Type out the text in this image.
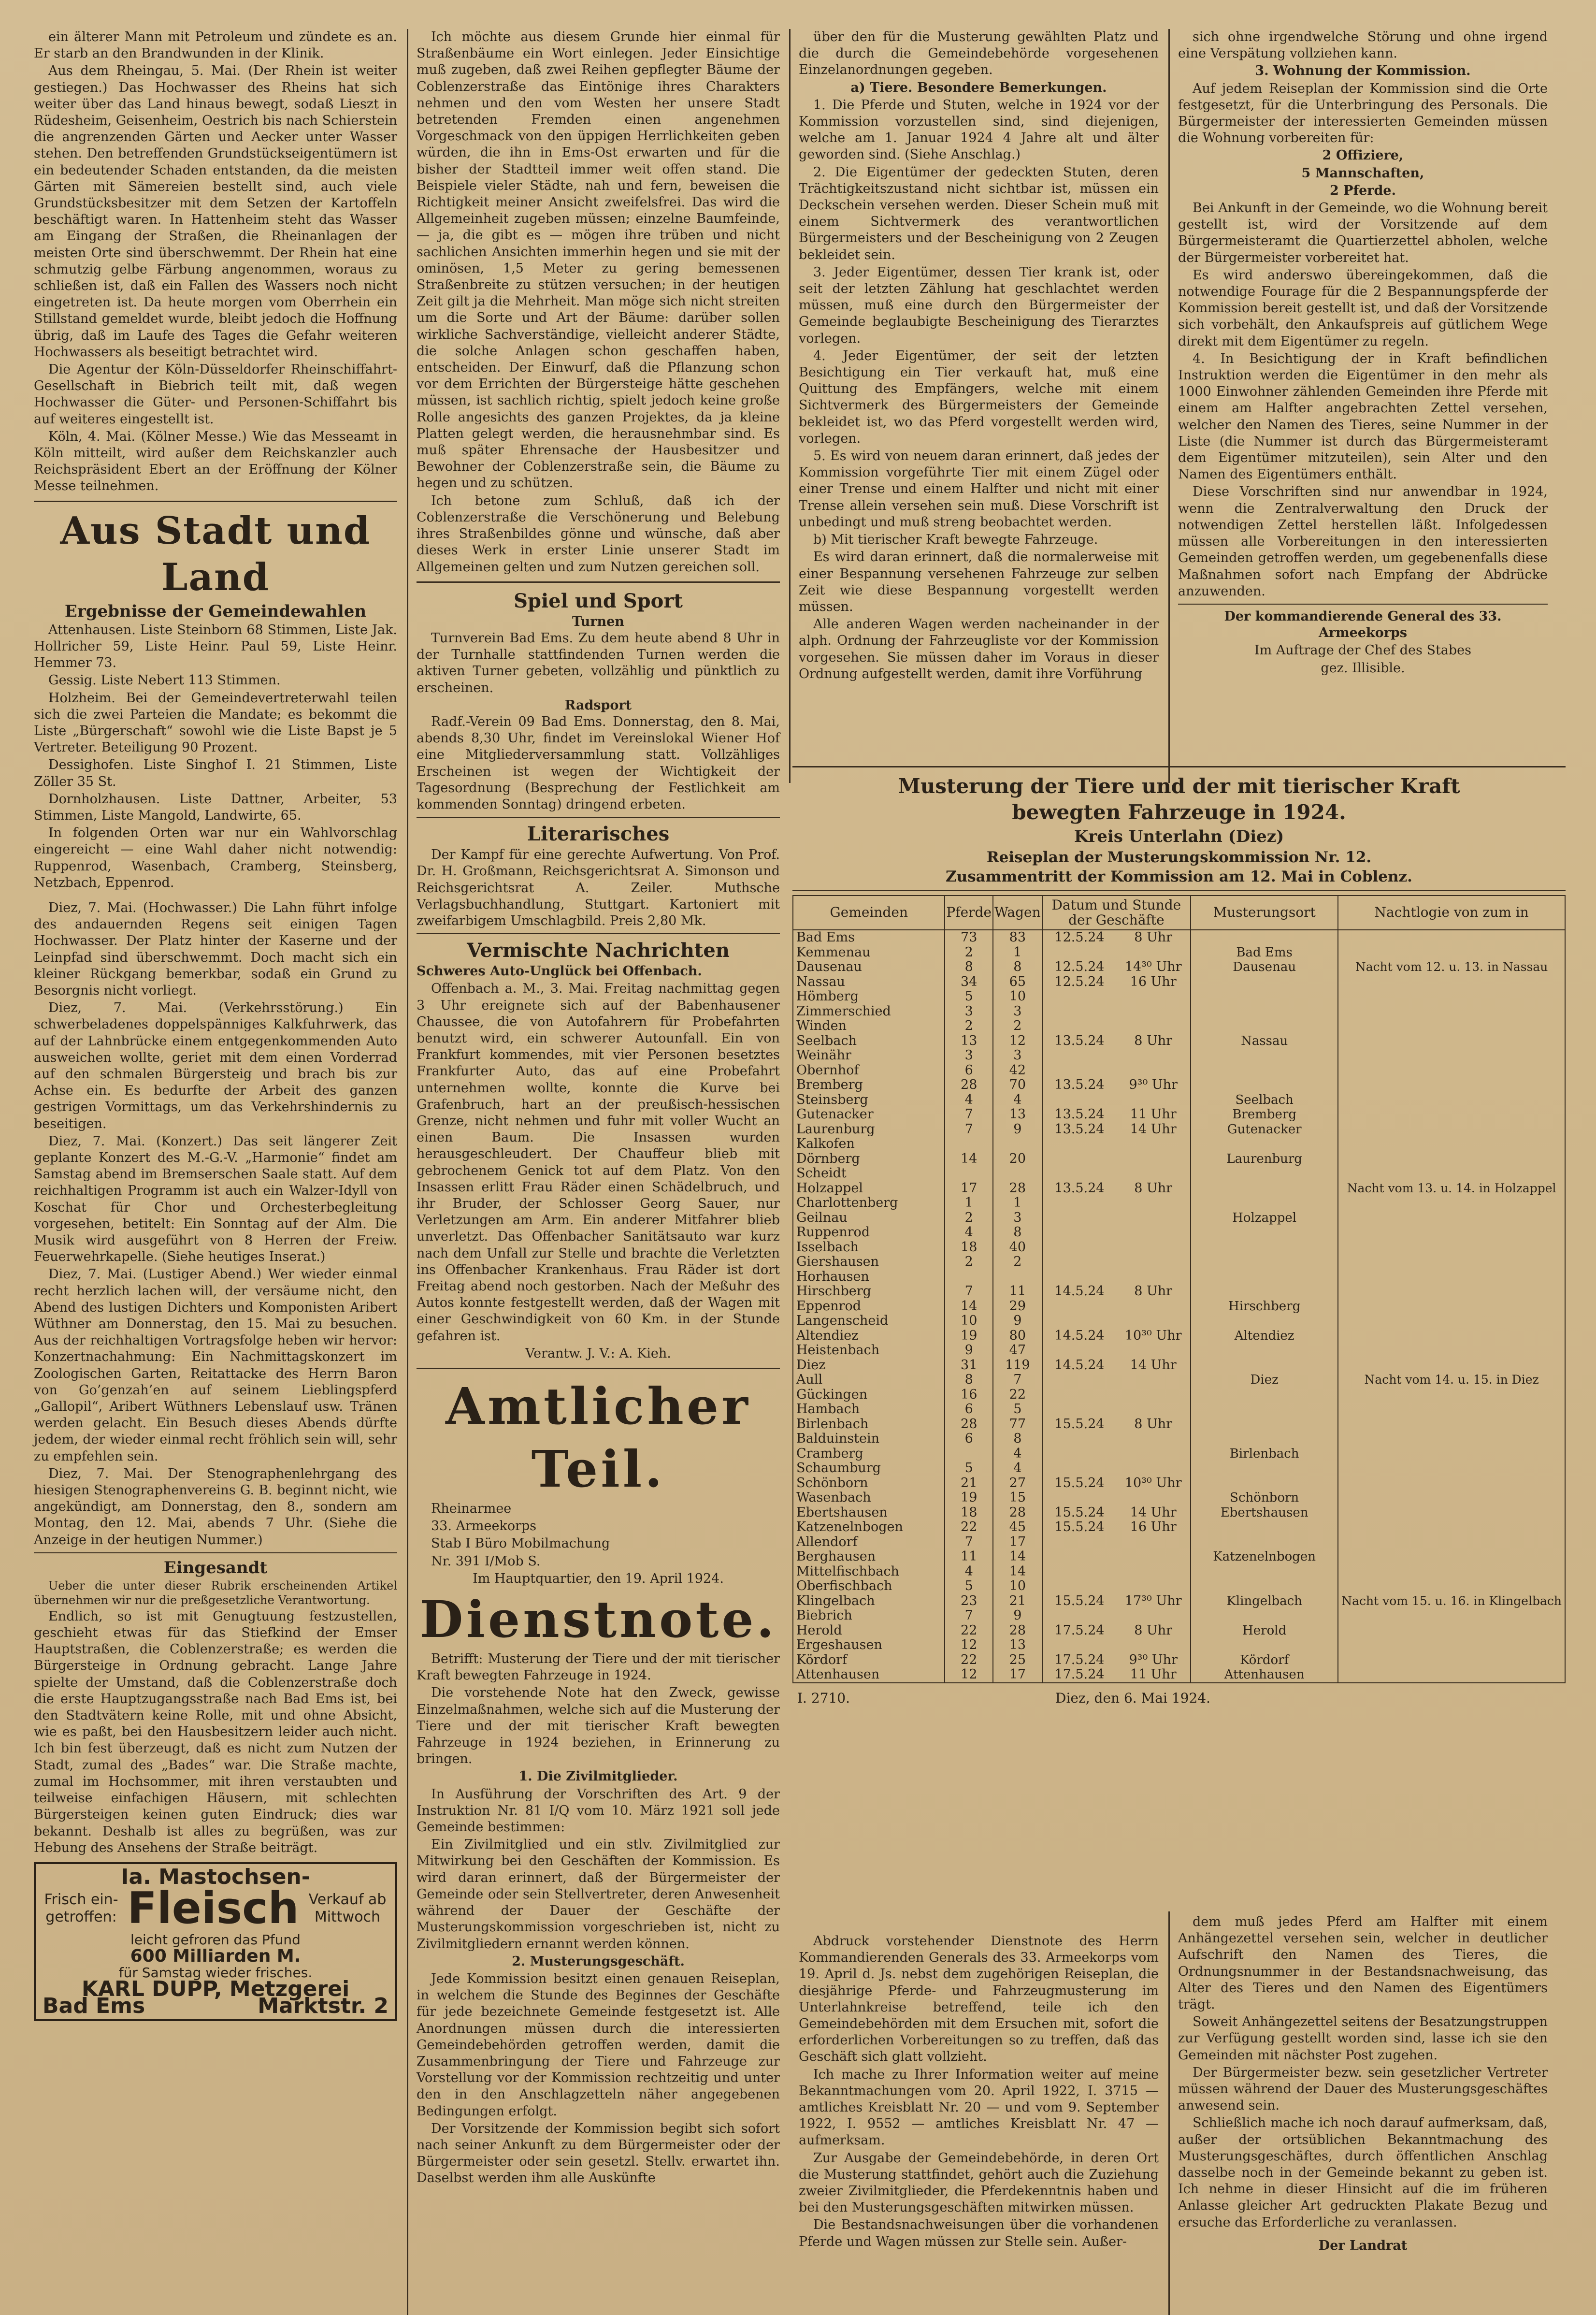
ein älterer Mann mit Petroleum und zündete es an. Er starb an den Brandwunden in der Klinik.

Aus dem Rheingau, 5. Mai. (Der Rhein ist weiter gestiegen.) Das Hochwasser des Rheins hat sich weiter über das Land hinaus bewegt, sodaß Lieszt in Rüdesheim, Geisenheim, Oestrich bis nach Schierstein die angrenzenden Gärten und Aecker unter Wasser stehen. Den betreffenden Grundstückseigentümern ist ein bedeutender Schaden entstanden, da die meisten Gärten mit Sämereien bestellt sind, auch viele Grundstücksbesitzer mit dem Setzen der Kartoffeln beschäftigt waren. In Hattenheim steht das Wasser am Eingang der Straßen, die Rheinanlagen der meisten Orte sind überschwemmt. Der Rhein hat eine schmutzig gelbe Färbung angenommen, woraus zu schließen ist, daß ein Fallen des Wassers noch nicht eingetreten ist. Da heute morgen vom Oberrhein ein Stillstand gemeldet wurde, bleibt jedoch die Hoffnung übrig, daß im Laufe des Tages die Gefahr weiteren Hochwassers als beseitigt betrachtet wird.

Die Agentur der Köln-Düsseldorfer Rheinschiffahrt-Gesellschaft in Biebrich teilt mit, daß wegen Hochwasser die Güter- und Personen-Schiffahrt bis auf weiteres eingestellt ist.

Köln, 4. Mai. (Kölner Messe.) Wie das Messeamt in Köln mitteilt, wird außer dem Reichskanzler auch Reichspräsident Ebert an der Eröffnung der Kölner Messe teilnehmen.

Aus Stadt und Land
Ergebnisse der Gemeindewahlen

Attenhausen. Liste Steinborn 68 Stimmen, Liste Jak. Hollricher 59, Liste Heinr. Paul 59, Liste Heinr. Hemmer 73.

Gessig. Liste Nebert 113 Stimmen.

Holzheim. Bei der Gemeindevertreterwahl teilen sich die zwei Parteien die Mandate; es bekommt die Liste „Bürgerschaft“ sowohl wie die Liste Bapst je 5 Vertreter. Beteiligung 90 Prozent.

Dessighofen. Liste Singhof I. 21 Stimmen, Liste Zöller 35 St.

Dornholzhausen. Liste Dattner, Arbeiter, 53 Stimmen, Liste Mangold, Landwirte, 65.

In folgenden Orten war nur ein Wahlvorschlag eingereicht — eine Wahl daher nicht notwendig: Ruppenrod, Wasenbach, Cramberg, Steinsberg, Netzbach, Eppenrod.

Diez, 7. Mai. (Hochwasser.) Die Lahn führt infolge des andauernden Regens seit einigen Tagen Hochwasser. Der Platz hinter der Kaserne und der Leinpfad sind überschwemmt. Doch macht sich ein kleiner Rückgang bemerkbar, sodaß ein Grund zu Besorgnis nicht vorliegt.

Diez, 7. Mai. (Verkehrsstörung.) Ein schwerbeladenes doppelspänniges Kalkfuhrwerk, das auf der Lahnbrücke einem entgegenkommenden Auto ausweichen wollte, geriet mit dem einen Vorderrad auf den schmalen Bürgersteig und brach bis zur Achse ein. Es bedurfte der Arbeit des ganzen gestrigen Vormittags, um das Verkehrshindernis zu beseitigen.

Diez, 7. Mai. (Konzert.) Das seit längerer Zeit geplante Konzert des M.-G.-V. „Harmonie“ findet am Samstag abend im Bremserschen Saale statt. Auf dem reichhaltigen Programm ist auch ein Walzer-Idyll von Koschat für Chor und Orchesterbegleitung vorgesehen, betitelt: Ein Sonntag auf der Alm. Die Musik wird ausgeführt von 8 Herren der Freiw. Feuerwehrkapelle. (Siehe heutiges Inserat.)

Diez, 7. Mai. (Lustiger Abend.) Wer wieder einmal recht herzlich lachen will, der versäume nicht, den Abend des lustigen Dichters und Komponisten Aribert Wüthner am Donnerstag, den 15. Mai zu besuchen. Aus der reichhaltigen Vortragsfolge heben wir hervor: Konzertnachahmung: Ein Nachmittagskonzert im Zoologischen Garten, Reitattacke des Herrn Baron von Go’genzah’en auf seinem Lieblingspferd „Gallopil“, Aribert Wüthners Lebenslauf usw. Tränen werden gelacht. Ein Besuch dieses Abends dürfte jedem, der wieder einmal recht fröhlich sein will, sehr zu empfehlen sein.

Diez, 7. Mai. Der Stenographenlehrgang des hiesigen Stenographenvereins G. B. beginnt nicht, wie angekündigt, am Donnerstag, den 8., sondern am Montag, den 12. Mai, abends 7 Uhr. (Siehe die Anzeige in der heutigen Nummer.)

Eingesandt

Ueber die unter dieser Rubrik erscheinenden Artikel übernehmen wir nur die preßgesetzliche Verantwortung.

Endlich, so ist mit Genugtuung festzustellen, geschieht etwas für das Stiefkind der Emser Hauptstraßen, die Coblenzerstraße; es werden die Bürgersteige in Ordnung gebracht. Lange Jahre spielte der Umstand, daß die Coblenzerstraße doch die erste Hauptzugangsstraße nach Bad Ems ist, bei den Stadtvätern keine Rolle, mit und ohne Absicht, wie es paßt, bei den Hausbesitzern leider auch nicht. Ich bin fest überzeugt, daß es nicht zum Nutzen der Stadt, zumal des „Bades“ war. Die Straße machte, zumal im Hochsommer, mit ihren verstaubten und teilweise einfachigen Häusern, mit schlechten Bürgersteigen keinen guten Eindruck; dies war bekannt. Deshalb ist alles zu begrüßen, was zur Hebung des Ansehens der Straße beiträgt.

Ia. Mastochsen-
Frisch ein-getroffen: Fleisch Verkauf ab Mittwoch
leicht gefroren das Pfund
600 Milliarden M.
für Samstag wieder frisches.
KARL DUPP, Metzgerei
Bad Ems	Marktstr. 2

Ich möchte aus diesem Grunde hier einmal für Straßenbäume ein Wort einlegen. Jeder Einsichtige muß zugeben, daß zwei Reihen gepflegter Bäume der Coblenzerstraße das Eintönige ihres Charakters nehmen und den vom Westen her unsere Stadt betretenden Fremden einen angenehmen Vorgeschmack von den üppigen Herrlichkeiten geben würden, die ihn in Ems-Ost erwarten und für die bisher der Stadtteil immer weit offen stand. Die Beispiele vieler Städte, nah und fern, beweisen die Richtigkeit meiner Ansicht zweifelsfrei. Das wird die Allgemeinheit zugeben müssen; einzelne Baumfeinde, — ja, die gibt es — mögen ihre trüben und nicht sachlichen Ansichten immerhin hegen und sie mit der ominösen, 1,5 Meter zu gering bemessenen Straßenbreite zu stützen versuchen; in der heutigen Zeit gilt ja die Mehrheit. Man möge sich nicht streiten um die Sorte und Art der Bäume: darüber sollen wirkliche Sachverständige, vielleicht anderer Städte, die solche Anlagen schon geschaffen haben, entscheiden. Der Einwurf, daß die Pflanzung schon vor dem Errichten der Bürgersteige hätte geschehen müssen, ist sachlich richtig, spielt jedoch keine große Rolle angesichts des ganzen Projektes, da ja kleine Platten gelegt werden, die herausnehmbar sind. Es muß später Ehrensache der Hausbesitzer und Bewohner der Coblenzerstraße sein, die Bäume zu hegen und zu schützen.

Ich betone zum Schluß, daß ich der Coblenzerstraße die Verschönerung und Belebung ihres Straßenbildes gönne und wünsche, daß aber dieses Werk in erster Linie unserer Stadt im Allgemeinen gelten und zum Nutzen gereichen soll.

Spiel und Sport
Turnen

Turnverein Bad Ems. Zu dem heute abend 8 Uhr in der Turnhalle stattfindenden Turnen werden die aktiven Turner gebeten, vollzählig und pünktlich zu erscheinen.

Radsport

Radf.-Verein 09 Bad Ems. Donnerstag, den 8. Mai, abends 8,30 Uhr, findet im Vereinslokal Wiener Hof eine Mitgliederversammlung statt. Vollzähliges Erscheinen ist wegen der Wichtigkeit der Tagesordnung (Besprechung der Festlichkeit am kommenden Sonntag) dringend erbeten.

Literarisches

Der Kampf für eine gerechte Aufwertung. Von Prof. Dr. H. Großmann, Reichsgerichtsrat A. Simonson und Reichsgerichtsrat A. Zeiler. Muthsche Verlagsbuchhandlung, Stuttgart. Kartoniert mit zweifarbigem Umschlagbild. Preis 2,80 Mk.

Vermischte Nachrichten

Schweres Auto-Unglück bei Offenbach.

Offenbach a. M., 3. Mai. Freitag nachmittag gegen 3 Uhr ereignete sich auf der Babenhausener Chaussee, die von Autofahrern für Probefahrten benutzt wird, ein schwerer Autounfall. Ein von Frankfurt kommendes, mit vier Personen besetztes Frankfurter Auto, das auf eine Probefahrt unternehmen wollte, konnte die Kurve bei Grafenbruch, hart an der preußisch-hessischen Grenze, nicht nehmen und fuhr mit voller Wucht an einen Baum. Die Insassen wurden herausgeschleudert. Der Chauffeur blieb mit gebrochenem Genick tot auf dem Platz. Von den Insassen erlitt Frau Räder einen Schädelbruch, und ihr Bruder, der Schlosser Georg Sauer, nur Verletzungen am Arm. Ein anderer Mitfahrer blieb unverletzt. Das Offenbacher Sanitätsauto war kurz nach dem Unfall zur Stelle und brachte die Verletzten ins Offenbacher Krankenhaus. Frau Räder ist dort Freitag abend noch gestorben. Nach der Meßuhr des Autos konnte festgestellt werden, daß der Wagen mit einer Geschwindigkeit von 60 Km. in der Stunde gefahren ist.

Verantw. J. V.: A. Kieh.
Amtlicher Teil.

Rheinarmee

33. Armeekorps

Stab I Büro Mobilmachung

Nr. 391 I/Mob S.

Im Hauptquartier, den 19. April 1924.

Dienstnote.

Betrifft: Musterung der Tiere und der mit tierischer Kraft bewegten Fahrzeuge in 1924.

Die vorstehende Note hat den Zweck, gewisse Einzelmaßnahmen, welche sich auf die Musterung der Tiere und der mit tierischer Kraft bewegten Fahrzeuge in 1924 beziehen, in Erinnerung zu bringen.

1. Die Zivilmitglieder.

In Ausführung der Vorschriften des Art. 9 der Instruktion Nr. 81 I/Q vom 10. März 1921 soll jede Gemeinde bestimmen:

Ein Zivilmitglied und ein stlv. Zivilmitglied zur Mitwirkung bei den Geschäften der Kommission. Es wird daran erinnert, daß der Bürgermeister der Gemeinde oder sein Stellvertreter, deren Anwesenheit während der Dauer der Geschäfte der Musterungskommission vorgeschrieben ist, nicht zu Zivilmitgliedern ernannt werden können.

2. Musterungsgeschäft.

Jede Kommission besitzt einen genauen Reiseplan, in welchem die Stunde des Beginnes der Geschäfte für jede bezeichnete Gemeinde festgesetzt ist. Alle Anordnungen müssen durch die interessierten Gemeindebehörden getroffen werden, damit die Zusammenbringung der Tiere und Fahrzeuge zur Vorstellung vor der Kommission rechtzeitig und unter den in den Anschlagzetteln näher angegebenen Bedingungen erfolgt.

Der Vorsitzende der Kommission begibt sich sofort nach seiner Ankunft zu dem Bürgermeister oder der Bürgermeister oder sein gesetzl. Stellv. erwartet ihn. Daselbst werden ihm alle Auskünfte

über den für die Musterung gewählten Platz und die durch die Gemeindebehörde vorgesehenen Einzelanordnungen gegeben.

a) Tiere. Besondere Bemerkungen.

1. Die Pferde und Stuten, welche in 1924 vor der Kommission vorzustellen sind, sind diejenigen, welche am 1. Januar 1924 4 Jahre alt und älter geworden sind. (Siehe Anschlag.)

2. Die Eigentümer der gedeckten Stuten, deren Trächtigkeitszustand nicht sichtbar ist, müssen ein Deckschein versehen werden. Dieser Schein muß mit einem Sichtvermerk des verantwortlichen Bürgermeisters und der Bescheinigung von 2 Zeugen bekleidet sein.

3. Jeder Eigentümer, dessen Tier krank ist, oder seit der letzten Zählung hat geschlachtet werden müssen, muß eine durch den Bürgermeister der Gemeinde beglaubigte Bescheinigung des Tierarztes vorlegen.

4. Jeder Eigentümer, der seit der letzten Besichtigung ein Tier verkauft hat, muß eine Quittung des Empfängers, welche mit einem Sichtvermerk des Bürgermeisters der Gemeinde bekleidet ist, wo das Pferd vorgestellt werden wird, vorlegen.

5. Es wird von neuem daran erinnert, daß jedes der Kommission vorgeführte Tier mit einem Zügel oder einer Trense und einem Halfter und nicht mit einer Trense allein versehen sein muß. Diese Vorschrift ist unbedingt und muß streng beobachtet werden.

b) Mit tierischer Kraft bewegte Fahrzeuge.

Es wird daran erinnert, daß die normalerweise mit einer Bespannung versehenen Fahrzeuge zur selben Zeit wie diese Bespannung vorgestellt werden müssen.

Alle anderen Wagen werden nacheinander in der alph. Ordnung der Fahrzeugliste vor der Kommission vorgesehen. Sie müssen daher im Voraus in dieser Ordnung aufgestellt werden, damit ihre Vorführung

sich ohne irgendwelche Störung und ohne irgend eine Verspätung vollziehen kann.

3. Wohnung der Kommission.

Auf jedem Reiseplan der Kommission sind die Orte festgesetzt, für die Unterbringung des Personals. Die Bürgermeister der interessierten Gemeinden müssen die Wohnung vorbereiten für:

2 Offiziere,

5 Mannschaften,

2 Pferde.

Bei Ankunft in der Gemeinde, wo die Wohnung bereit gestellt ist, wird der Vorsitzende auf dem Bürgermeisteramt die Quartierzettel abholen, welche der Bürgermeister vorbereitet hat.

Es wird anderswo übereingekommen, daß die notwendige Fourage für die 2 Bespannungspferde der Kommission bereit gestellt ist, und daß der Vorsitzende sich vorbehält, den Ankaufspreis auf gütlichem Wege direkt mit dem Eigentümer zu regeln.

4. In Besichtigung der in Kraft befindlichen Instruktion werden die Eigentümer in den mehr als 1000 Einwohner zählenden Gemeinden ihre Pferde mit einem am Halfter angebrachten Zettel versehen, welcher den Namen des Tieres, seine Nummer in der Liste (die Nummer ist durch das Bürgermeisteramt dem Eigentümer mitzuteilen), sein Alter und den Namen des Eigentümers enthält.

Diese Vorschriften sind nur anwendbar in 1924, wenn die Zentralverwaltung den Druck der notwendigen Zettel herstellen läßt. Infolgedessen müssen alle Vorbereitungen in den interessierten Gemeinden getroffen werden, um gegebenenfalls diese Maßnahmen sofort nach Empfang der Abdrücke anzuwenden.

Der kommandierende General des 33. Armeekorps

Im Auftrage der Chef des Stabes

gez. Illisible.

Musterung der Tiere und der mit tierischer Kraft
bewegten Fahrzeuge in 1924.
Kreis Unterlahn (Diez)
Reiseplan der Musterungskommission Nr. 12.
Zusammentritt der Kommission am 12. Mai in Coblenz.
Gemeinden	Pferde	Wagen	Datum und Stunde der Geschäfte		Musterungsort	Nachtlogie von zum in
Bad Ems	73	83	12.5.24	8 Uhr		
Kemmenau	2	1			Bad Ems	
Dausenau	8	8	12.5.24	14³⁰ Uhr	Dausenau	Nacht vom 12. u. 13. in Nassau
Nassau	34	65	12.5.24	16 Uhr		
Hömberg	5	10				
Zimmerschied	3	3				
Winden	2	2				
Seelbach	13	12	13.5.24	8 Uhr	Nassau	
Weinähr	3	3				
Obernhof	6	42				
Bremberg	28	70	13.5.24	9³⁰ Uhr		
Steinsberg	4	4			Seelbach	
Gutenacker	7	13	13.5.24	11 Uhr	Bremberg	
Laurenburg	7	9	13.5.24	14 Uhr	Gutenacker	
Kalkofen						
Dörnberg	14	20			Laurenburg	
Scheidt						
Holzappel	17	28	13.5.24	8 Uhr		Nacht vom 13. u. 14. in Holzappel
Charlottenberg	1	1				
Geilnau	2	3			Holzappel	
Ruppenrod	4	8				
Isselbach	18	40				
Giershausen	2	2				
Horhausen						
Hirschberg	7	11	14.5.24	8 Uhr		
Eppenrod	14	29			Hirschberg	
Langenscheid	10	9				
Altendiez	19	80	14.5.24	10³⁰ Uhr	Altendiez	
Heistenbach	9	47				
Diez	31	119	14.5.24	14 Uhr		
Aull	8	7			Diez	Nacht vom 14. u. 15. in Diez
Gückingen	16	22				
Hambach	6	5				
Birlenbach	28	77	15.5.24	8 Uhr		
Balduinstein	6	8				
Cramberg		4			Birlenbach	
Schaumburg	5	4				
Schönborn	21	27	15.5.24	10³⁰ Uhr		
Wasenbach	19	15			Schönborn	
Ebertshausen	18	28	15.5.24	14 Uhr	Ebertshausen	
Katzenelnbogen	22	45	15.5.24	16 Uhr		
Allendorf	7	17				
Berghausen	11	14			Katzenelnbogen	
Mittelfischbach	4	14				
Oberfischbach	5	10				
Klingelbach	23	21	15.5.24	17³⁰ Uhr	Klingelbach	Nacht vom 15. u. 16. in Klingelbach
Biebrich	7	9				
Herold	22	28	17.5.24	8 Uhr	Herold	
Ergeshausen	12	13				
Kördorf	22	25	17.5.24	9³⁰ Uhr	Kördorf	
Attenhausen	12	17	17.5.24	11 Uhr	Attenhausen	
I. 2710.	Diez, den 6. Mai 1924.

Abdruck vorstehender Dienstnote des Herrn Kommandierenden Generals des 33. Armeekorps vom 19. April d. Js. nebst dem zugehörigen Reiseplan, die diesjährige Pferde- und Fahrzeugmusterung im Unterlahnkreise betreffend, teile ich den Gemeindebehörden mit dem Ersuchen mit, sofort die erforderlichen Vorbereitungen so zu treffen, daß das Geschäft sich glatt vollzieht.

Ich mache zu Ihrer Information weiter auf meine Bekanntmachungen vom 20. April 1922, I. 3715 — amtliches Kreisblatt Nr. 20 — und vom 9. September 1922, I. 9552 — amtliches Kreisblatt Nr. 47 — aufmerksam.

Zur Ausgabe der Gemeindebehörde, in deren Ort die Musterung stattfindet, gehört auch die Zuziehung zweier Zivilmitglieder, die Pferdekenntnis haben und bei den Musterungsgeschäften mitwirken müssen.

Die Bestandsnachweisungen über die vorhandenen Pferde und Wagen müssen zur Stelle sein. Außer-

dem muß jedes Pferd am Halfter mit einem Anhängezettel versehen sein, welcher in deutlicher Aufschrift den Namen des Tieres, die Ordnungsnummer in der Bestandsnachweisung, das Alter des Tieres und den Namen des Eigentümers trägt.

Soweit Anhängezettel seitens der Besatzungstruppen zur Verfügung gestellt worden sind, lasse ich sie den Gemeinden mit nächster Post zugehen.

Der Bürgermeister bezw. sein gesetzlicher Vertreter müssen während der Dauer des Musterungsgeschäftes anwesend sein.

Schließlich mache ich noch darauf aufmerksam, daß, außer der ortsüblichen Bekanntmachung des Musterungsgeschäftes, durch öffentlichen Anschlag dasselbe noch in der Gemeinde bekannt zu geben ist. Ich nehme in dieser Hinsicht auf die im früheren Anlasse gleicher Art gedruckten Plakate Bezug und ersuche das Erforderliche zu veranlassen.

Der Landrat
